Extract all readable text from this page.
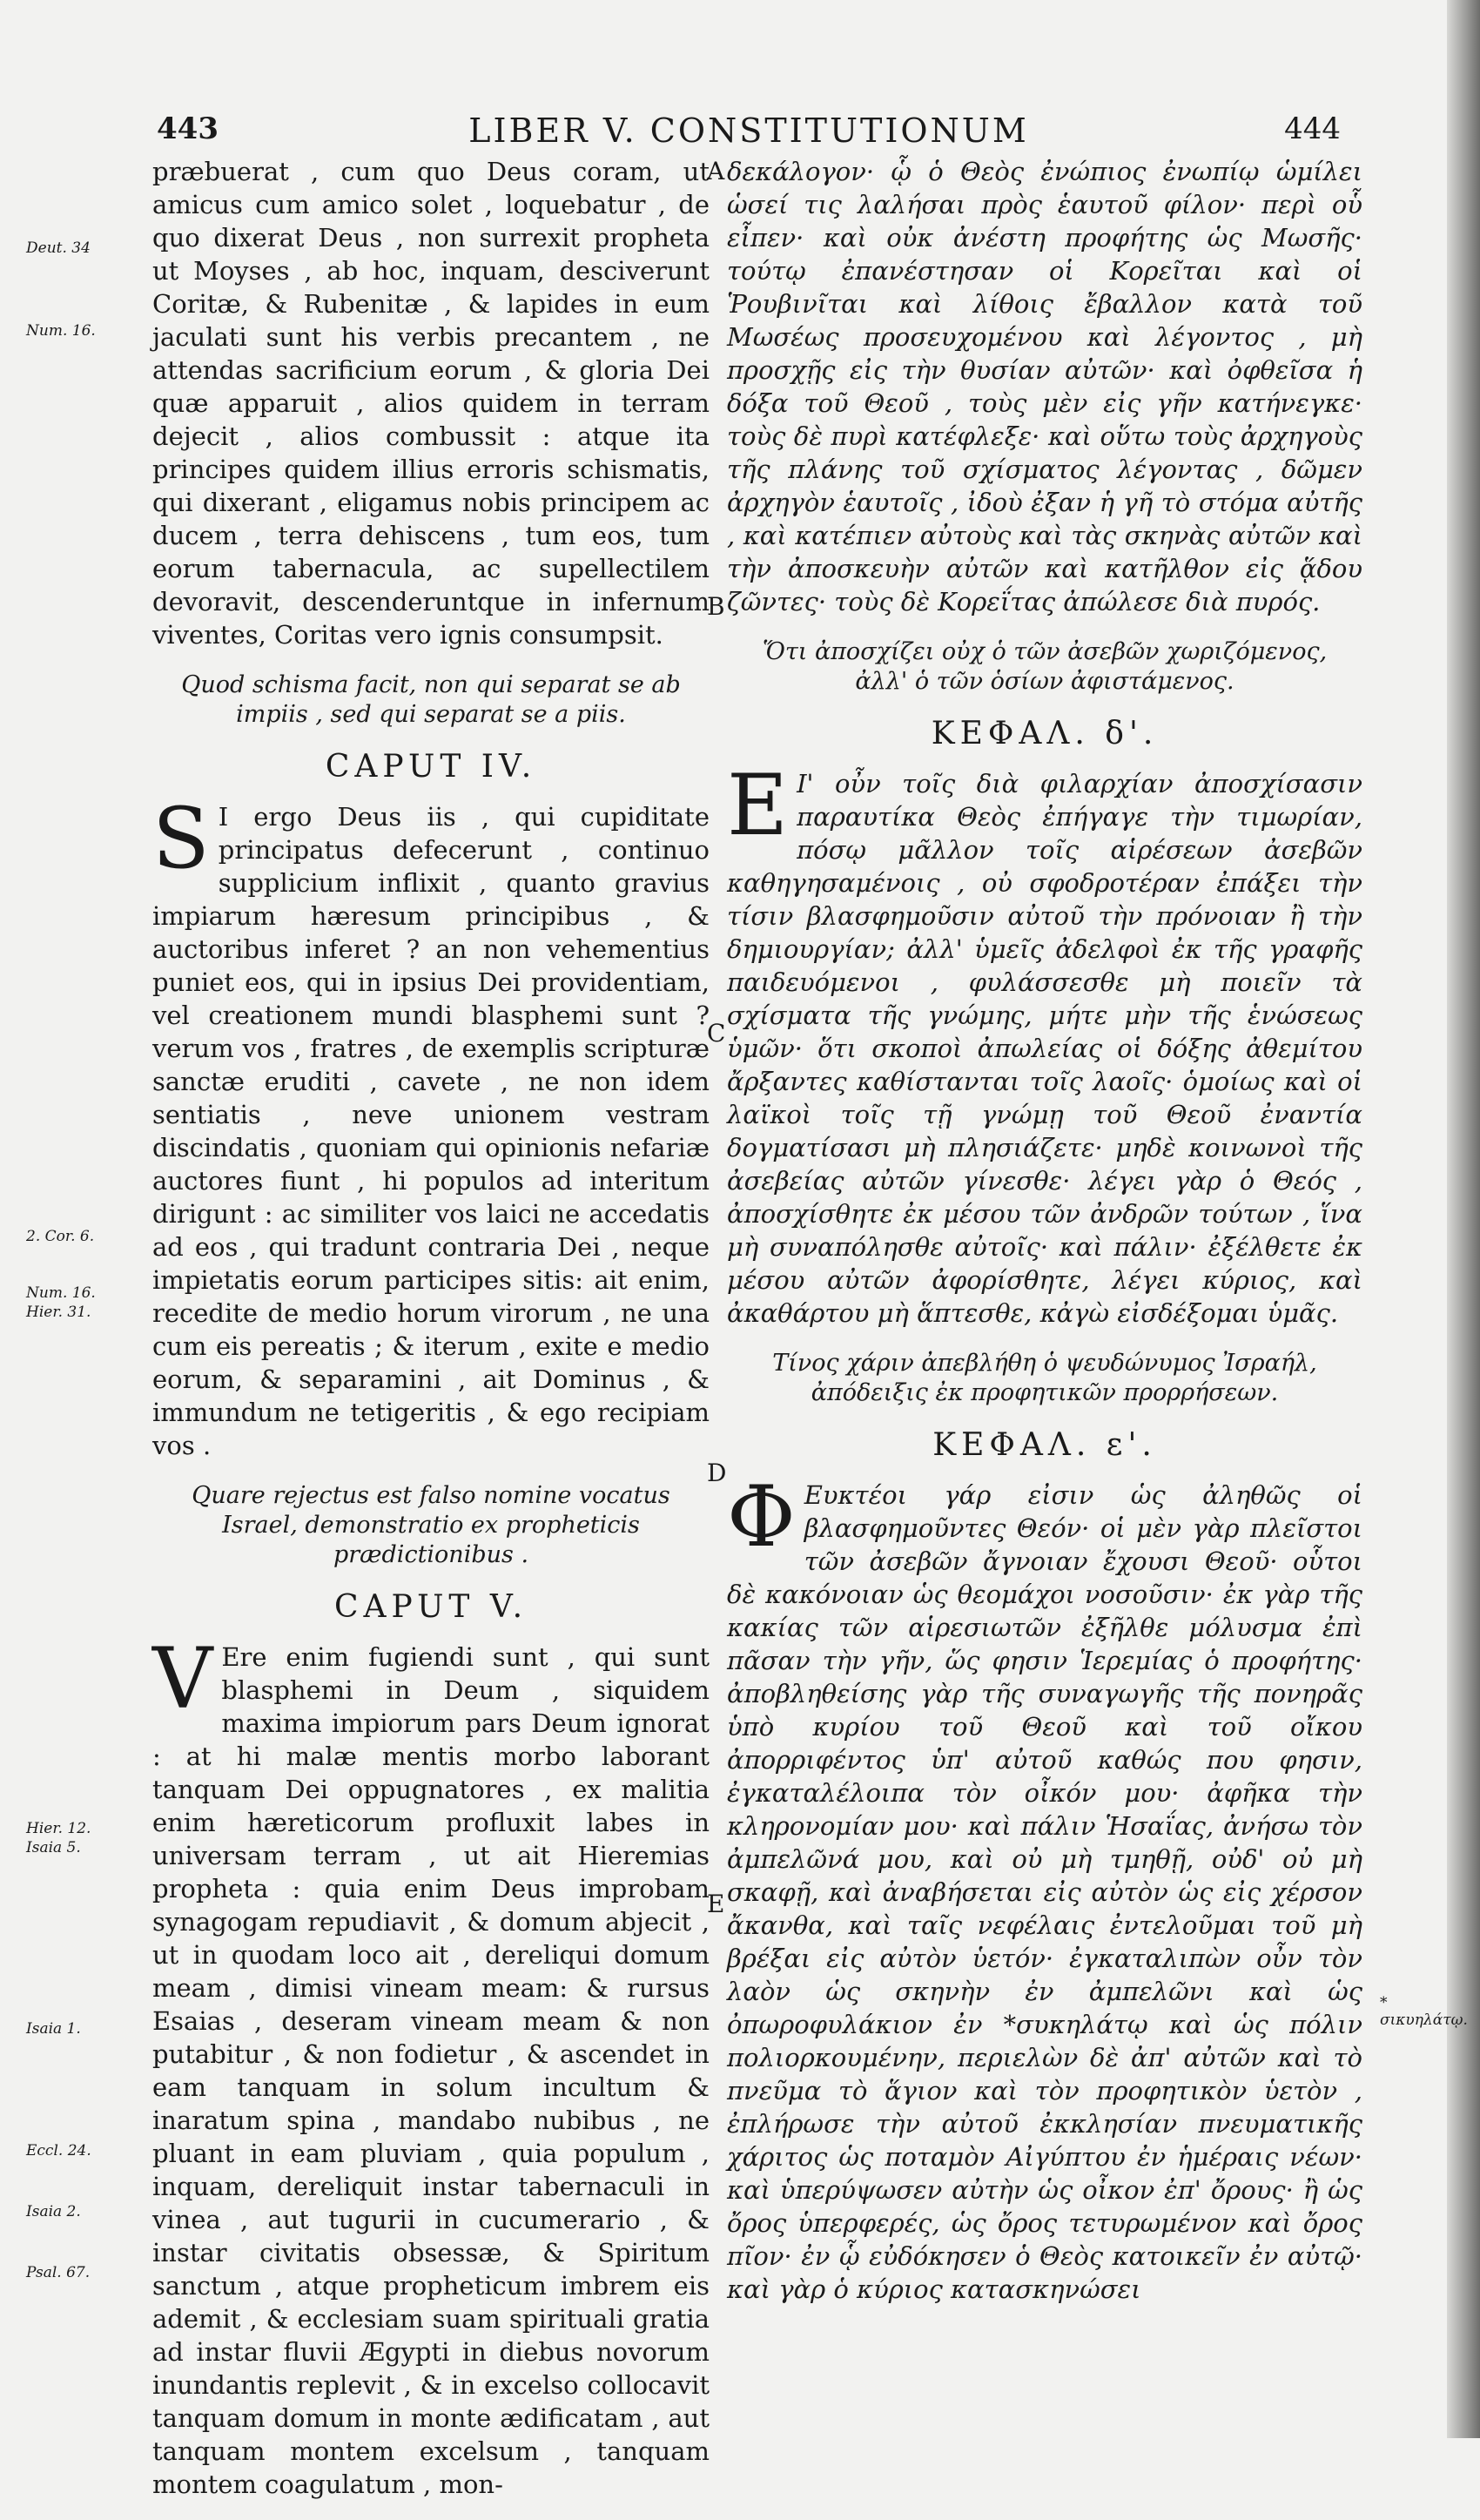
443	LIBER V. CONSTITUTIONUM	444
Deut. 34
Num. 16.
2. Cor. 6.
Num. 16.
Hier. 31.
Hier. 12.
Isaia 5.
Isaia 1.
Eccl. 24.
Isaia 2.
Psal. 67.
* σικυηλάτῳ.
A
B
C
D
E

præbuerat , cum quo Deus coram, ut amicus cum amico solet , loquebatur , de quo dixerat Deus , non surrexit propheta ut Moyses , ab hoc, inquam, desciverunt Coritæ, & Rubenitæ , & lapides in eum jaculati sunt his verbis precantem , ne attendas sacrificium eorum , & gloria Dei quæ apparuit , alios quidem in terram dejecit , alios combussit : atque ita principes quidem illius erroris schismatis, qui dixerant , eligamus nobis principem ac ducem , terra dehiscens , tum eos, tum eorum tabernacula, ac supellectilem devoravit, descenderuntque in infernum viventes, Coritas vero ignis consumpsit.

Quod schisma facit, non qui separat se ab impiis , sed qui separat se a piis.
CAPUT IV.

S I ergo Deus iis , qui cupiditate principatus defecerunt , continuo supplicium inflixit , quanto gravius impiarum hæresum principibus , & auctoribus inferet ? an non vehementius puniet eos, qui in ipsius Dei providentiam, vel creationem mundi blasphemi sunt ? verum vos , fratres , de exemplis scripturæ sanctæ eruditi , cavete , ne non idem sentiatis , neve unionem vestram discindatis , quoniam qui opinionis nefariæ auctores fiunt , hi populos ad interitum dirigunt : ac similiter vos laici ne accedatis ad eos , qui tradunt contraria Dei , neque impietatis eorum participes sitis: ait enim, recedite de medio horum virorum , ne una cum eis pereatis ; & iterum , exite e medio eorum, & separamini , ait Dominus , & immundum ne tetigeritis , & ego recipiam vos .

Quare rejectus est falso nomine vocatus Israel, demonstratio ex propheticis prædictionibus .
CAPUT V.

V Ere enim fugiendi sunt , qui sunt blasphemi in Deum , siquidem maxima impiorum pars Deum ignorat : at hi malæ mentis morbo laborant tanquam Dei oppugnatores , ex malitia enim hæreticorum profluxit labes in universam terram , ut ait Hieremias propheta : quia enim Deus improbam synagogam repudiavit , & domum abjecit , ut in quodam loco ait , dereliqui domum meam , dimisi vineam meam: & rursus Esaias , deseram vineam meam & non putabitur , & non fodietur , & ascendet in eam tanquam in solum incultum & inaratum spina , mandabo nubibus , ne pluant in eam pluviam , quia populum , inquam, dereliquit instar tabernaculi in vinea , aut tugurii in cucumerario , & instar civitatis obsessæ, & Spiritum sanctum , atque propheticum imbrem eis ademit , & ecclesiam suam spirituali gratia ad instar fluvii Ægypti in diebus novorum inundantis replevit , & in excelso collocavit tanquam domum in monte ædificatam , aut tanquam montem excelsum , tanquam montem coagulatum , mon-

δεκάλογον· ᾧ ὁ Θεὸς ἐνώπιος ἐνωπίῳ ὡμίλει ὡσεί τις λαλήσαι πρὸς ἑαυτοῦ φίλον· περὶ οὗ εἶπεν· καὶ οὐκ ἀνέστη προφήτης ὡς Μωσῆς· τούτῳ ἐπανέστησαν οἱ Κορεῖται καὶ οἱ Ῥουβινῖται καὶ λίθοις ἔβαλλον κατὰ τοῦ Μωσέως προσευχομένου καὶ λέγοντος , μὴ προσχῇς εἰς τὴν θυσίαν αὐτῶν· καὶ ὀφθεῖσα ἡ δόξα τοῦ Θεοῦ , τοὺς μὲν εἰς γῆν κατήνεγκε· τοὺς δὲ πυρὶ κατέφλεξε· καὶ οὕτω τοὺς ἀρχηγοὺς τῆς πλάνης τοῦ σχίσματος λέγοντας , δῶμεν ἀρχηγὸν ἑαυτοῖς , ἰδοὺ ἐξαν ἡ γῆ τὸ στόμα αὐτῆς , καὶ κατέπιεν αὐτοὺς καὶ τὰς σκηνὰς αὐτῶν καὶ τὴν ἀποσκευὴν αὐτῶν καὶ κατῆλθον εἰς ᾅδου ζῶντες· τοὺς δὲ Κορεΐτας ἀπώλεσε διὰ πυρός.

Ὅτι ἀποσχίζει οὐχ ὁ τῶν ἀσεβῶν χωριζόμενος, ἀλλ' ὁ τῶν ὁσίων ἀφιστάμενος.
ΚΕΦΑΛ. δ'.

Ε Ι' οὖν τοῖς διὰ φιλαρχίαν ἀποσχίσασιν παραυτίκα Θεὸς ἐπήγαγε τὴν τιμωρίαν, πόσῳ μᾶλλον τοῖς αἱρέσεων ἀσεβῶν καθηγησαμένοις , οὐ σφοδροτέραν ἐπάξει τὴν τίσιν βλασφημοῦσιν αὐτοῦ τὴν πρόνοιαν ἢ τὴν δημιουργίαν; ἀλλ' ὑμεῖς ἀδελφοὶ ἐκ τῆς γραφῆς παιδευόμενοι , φυλάσσεσθε μὴ ποιεῖν τὰ σχίσματα τῆς γνώμης, μήτε μὴν τῆς ἑνώσεως ὑμῶν· ὅτι σκοποὶ ἀπωλείας οἱ δόξης ἀθεμίτου ἄρξαντες καθίστανται τοῖς λαοῖς· ὁμοίως καὶ οἱ λαϊκοὶ τοῖς τῇ γνώμῃ τοῦ Θεοῦ ἐναντία δογματίσασι μὴ πλησιάζετε· μηδὲ κοινωνοὶ τῆς ἀσεβείας αὐτῶν γίνεσθε· λέγει γὰρ ὁ Θεός , ἀποσχίσθητε ἐκ μέσου τῶν ἀνδρῶν τούτων , ἵνα μὴ συναπόλησθε αὐτοῖς· καὶ πάλιν· ἐξέλθετε ἐκ μέσου αὐτῶν ἀφορίσθητε, λέγει κύριος, καὶ ἀκαθάρτου μὴ ἅπτεσθε, κἀγὼ εἰσδέξομαι ὑμᾶς.

Τίνος χάριν ἀπεβλήθη ὁ ψευδώνυμος Ἰσραήλ, ἀπόδειξις ἐκ προφητικῶν προρρήσεων.
ΚΕΦΑΛ. ε'.

Φ Ευκτέοι γάρ εἰσιν ὡς ἀληθῶς οἱ βλασφημοῦντες Θεόν· οἱ μὲν γὰρ πλεῖστοι τῶν ἀσεβῶν ἄγνοιαν ἔχουσι Θεοῦ· οὗτοι δὲ κακόνοιαν ὡς θεομάχοι νοσοῦσιν· ἐκ γὰρ τῆς κακίας τῶν αἱρεσιωτῶν ἐξῆλθε μόλυσμα ἐπὶ πᾶσαν τὴν γῆν, ὥς φησιν Ἱερεμίας ὁ προφήτης· ἀποβληθείσης γὰρ τῆς συναγωγῆς τῆς πονηρᾶς ὑπὸ κυρίου τοῦ Θεοῦ καὶ τοῦ οἴκου ἀπορριφέντος ὑπ' αὐτοῦ καθώς που φησιν, ἐγκαταλέλοιπα τὸν οἶκόν μου· ἀφῆκα τὴν κληρονομίαν μου· καὶ πάλιν Ἡσαΐας, ἀνήσω τὸν ἀμπελῶνά μου, καὶ οὐ μὴ τμηθῇ, οὐδ' οὐ μὴ σκαφῇ, καὶ ἀναβήσεται εἰς αὐτὸν ὡς εἰς χέρσον ἄκανθα, καὶ ταῖς νεφέλαις ἐντελοῦμαι τοῦ μὴ βρέξαι εἰς αὐτὸν ὑετόν· ἐγκαταλιπὼν οὖν τὸν λαὸν ὡς σκηνὴν ἐν ἀμπελῶνι καὶ ὡς ὀπωροφυλάκιον ἐν *συκηλάτῳ καὶ ὡς πόλιν πολιορκουμένην, περιελὼν δὲ ἀπ' αὐτῶν καὶ τὸ πνεῦμα τὸ ἅγιον καὶ τὸν προφητικὸν ὑετὸν , ἐπλήρωσε τὴν αὐτοῦ ἐκκλησίαν πνευματικῆς χάριτος ὡς ποταμὸν Αἰγύπτου ἐν ἡμέραις νέων· καὶ ὑπερύψωσεν αὐτὴν ὡς οἶκον ἐπ' ὄρους· ἢ ὡς ὄρος ὑπερφερές, ὡς ὄρος τετυρωμένον καὶ ὄρος πῖον· ἐν ᾧ εὐδόκησεν ὁ Θεὸς κατοικεῖν ἐν αὐτῷ· καὶ γὰρ ὁ κύριος κατασκηνώσει
